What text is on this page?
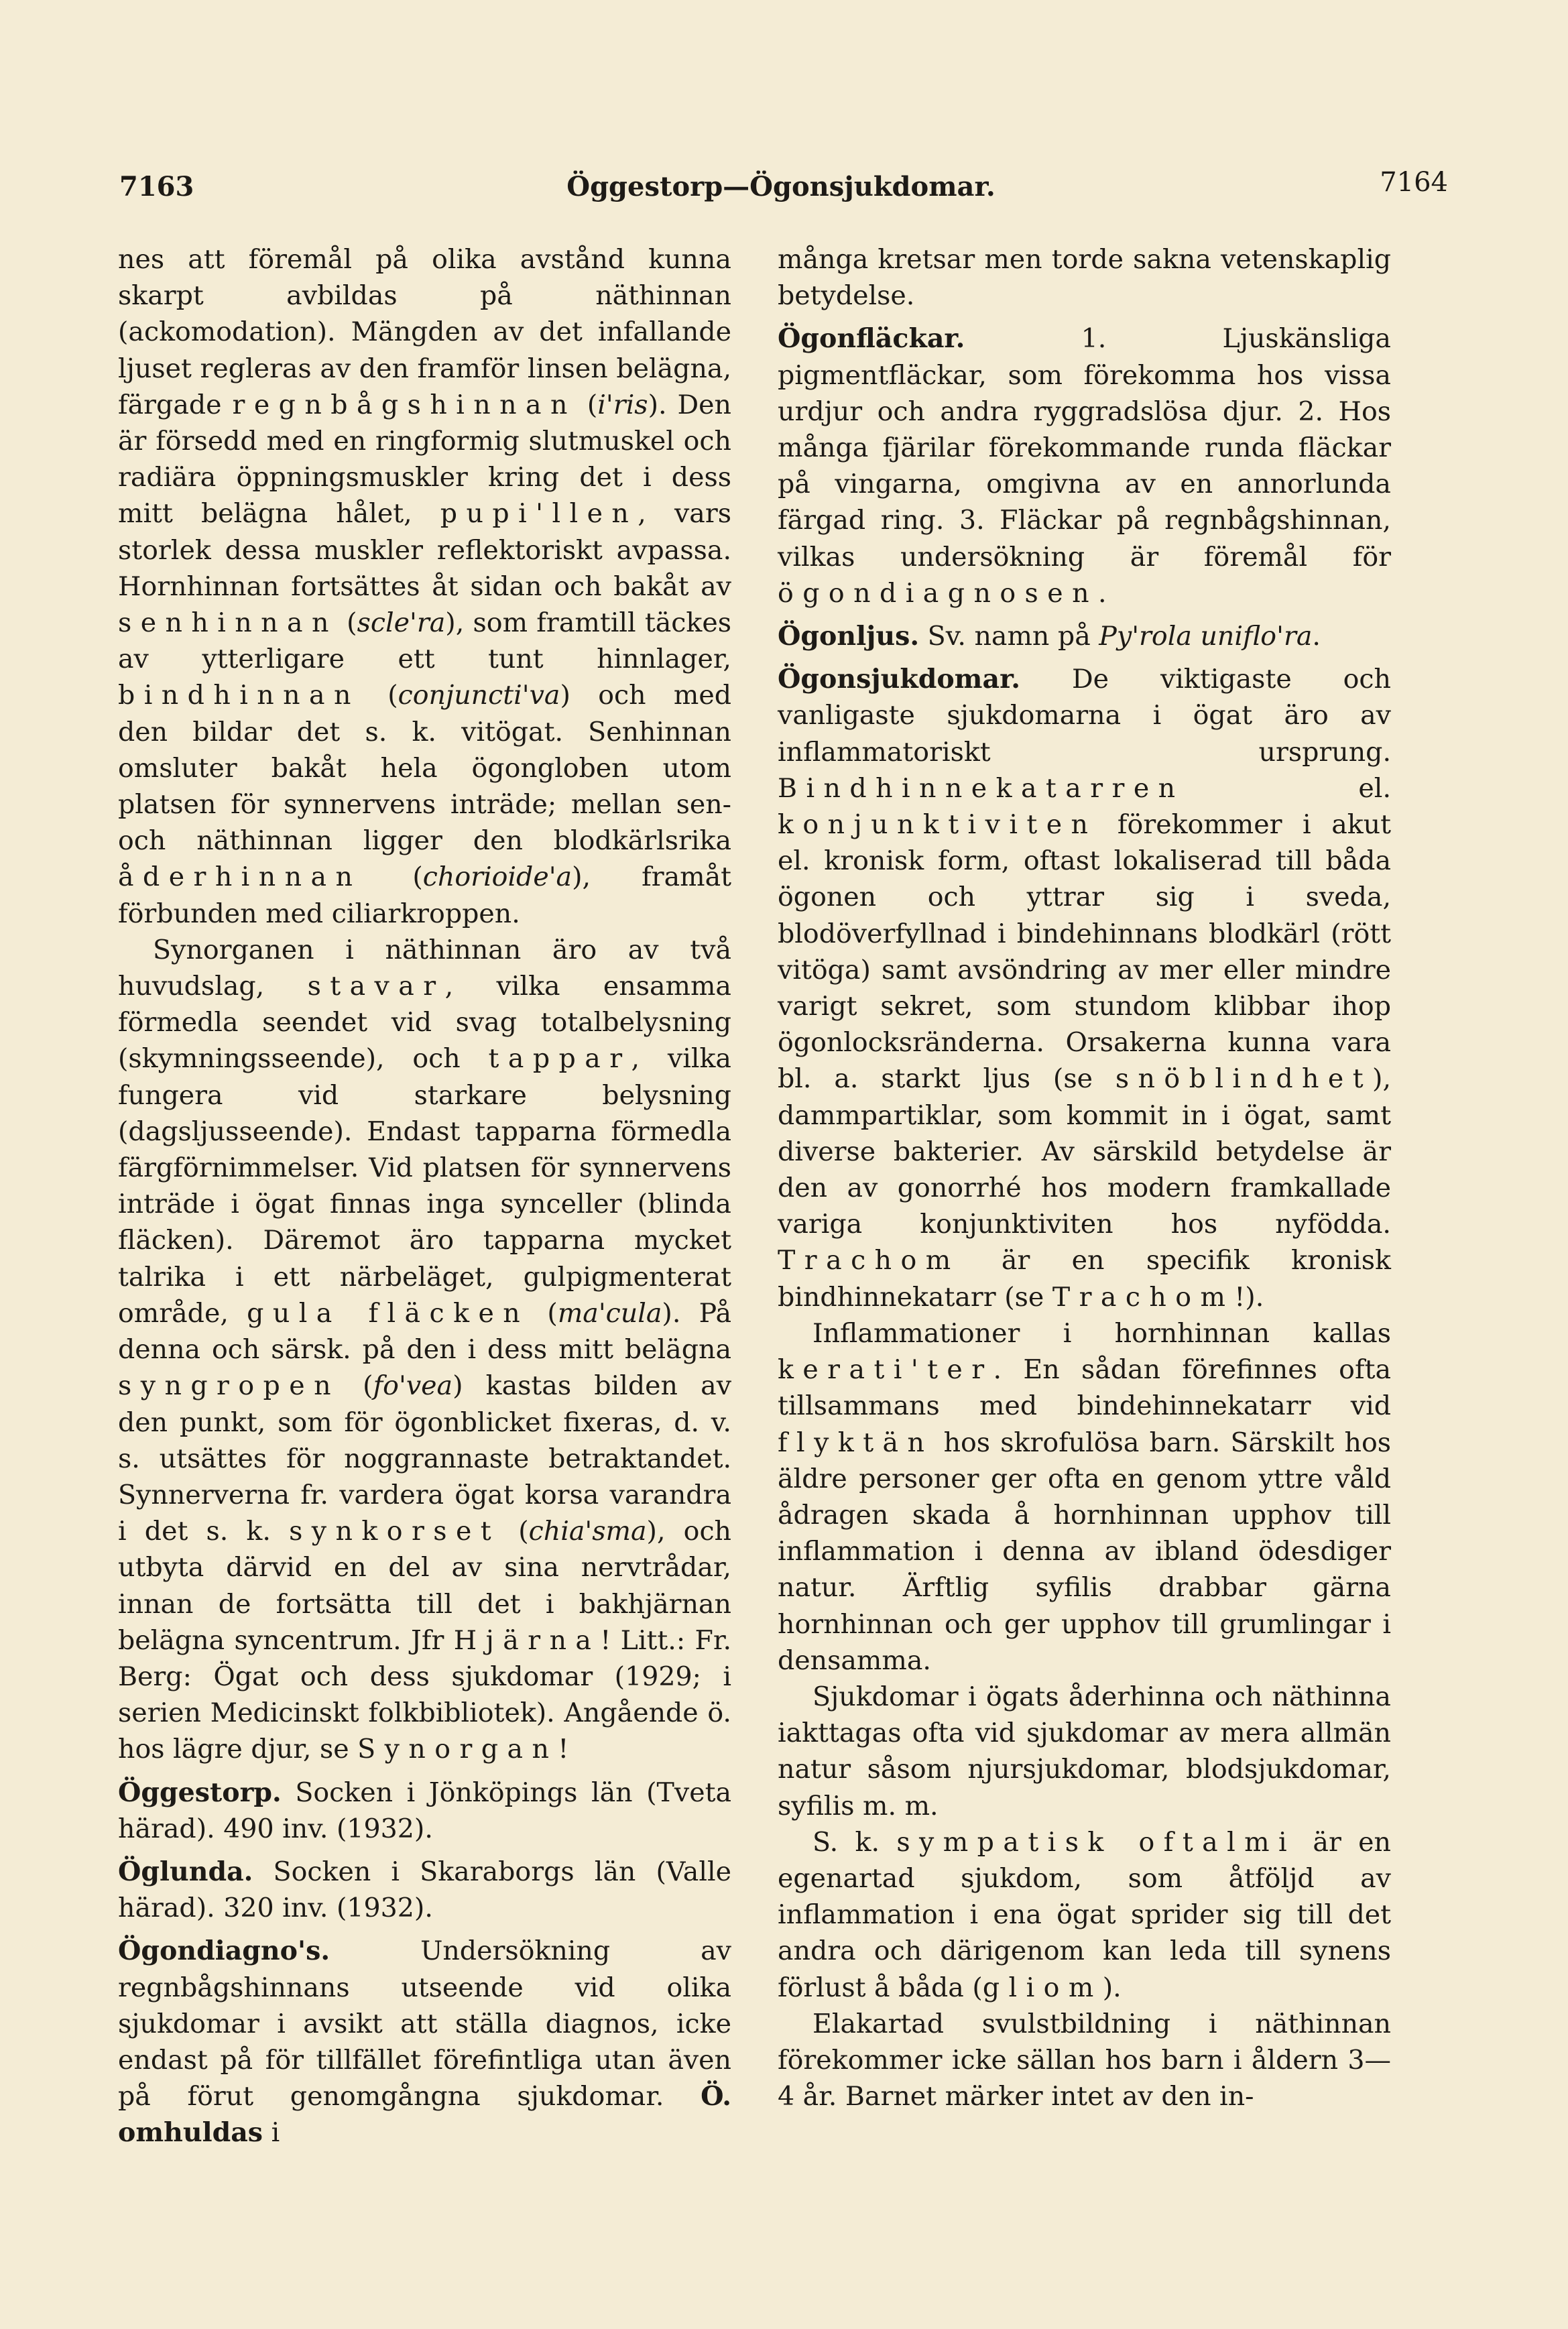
7163	Öggestorp—Ögonsjukdomar.	7164

nes att föremål på olika avstånd kunna skarpt avbildas på näthinnan (ackomodation). Mängden av det infallande ljuset regleras av den framför linsen belägna, färgade regnbågshinnan (i'ris). Den är försedd med en ringformig slutmuskel och radiära öppningsmuskler kring det i dess mitt belägna hålet, pupi'llen, vars storlek dessa muskler reflektoriskt avpassa. Hornhinnan fortsättes åt sidan och bakåt av senhinnan (scle'ra), som framtill täckes av ytterligare ett tunt hinnlager, bindhinnan (conjuncti'va) och med den bildar det s. k. vitögat. Senhinnan omsluter bakåt hela ögongloben utom platsen för synnervens inträde; mellan sen- och näthinnan ligger den blodkärlsrika åderhinnan (chorioide'a), framåt förbunden med ciliarkroppen.

Synorganen i näthinnan äro av två huvudslag, stavar, vilka ensamma förmedla seendet vid svag totalbelysning (skymningsseende), och tappar, vilka fungera vid starkare belysning (dagsljusseende). Endast tapparna förmedla färgförnimmelser. Vid platsen för synnervens inträde i ögat finnas inga synceller (blinda fläcken). Däremot äro tapparna mycket talrika i ett närbeläget, gulpigmenterat område, gula fläcken (ma'cula). På denna och särsk. på den i dess mitt belägna syngropen (fo'vea) kastas bilden av den punkt, som för ögonblicket fixeras, d. v. s. utsättes för noggrannaste betraktandet. Synnerverna fr. vardera ögat korsa varandra i det s. k. synkorset (chia'sma), och utbyta därvid en del av sina nervtrådar, innan de fortsätta till det i bakhjärnan belägna syncentrum. Jfr Hjärna! Litt.: Fr. Berg: Ögat och dess sjukdomar (1929; i serien Medicinskt folkbibliotek). Angående ö. hos lägre djur, se Synorgan!

Öggestorp. Socken i Jönköpings län (Tveta härad). 490 inv. (1932).

Öglunda. Socken i Skaraborgs län (Valle härad). 320 inv. (1932).

Ögondiagno's. Undersökning av regnbågshinnans utseende vid olika sjukdomar i avsikt att ställa diagnos, icke endast på för tillfället förefintliga utan även på förut genomgångna sjukdomar. Ö. omhuldas i

många kretsar men torde sakna vetenskaplig betydelse.

Ögonfläckar. 1. Ljuskänsliga pigmentfläckar, som förekomma hos vissa urdjur och andra ryggradslösa djur. 2. Hos många fjärilar förekommande runda fläckar på vingarna, omgivna av en annorlunda färgad ring. 3. Fläckar på regnbågshinnan, vilkas undersökning är föremål för ögondiagnosen.

Ögonljus. Sv. namn på Py'rola uniflo'ra.

Ögonsjukdomar. De viktigaste och vanligaste sjukdomarna i ögat äro av inflammatoriskt ursprung. Bindhinnekatarren el. konjunktiviten förekommer i akut el. kronisk form, oftast lokaliserad till båda ögonen och yttrar sig i sveda, blodöverfyllnad i bindehinnans blodkärl (rött vitöga) samt avsöndring av mer eller mindre varigt sekret, som stundom klibbar ihop ögonlocksränderna. Orsakerna kunna vara bl. a. starkt ljus (se snöblindhet), dammpartiklar, som kommit in i ögat, samt diverse bakterier. Av särskild betydelse är den av gonorrhé hos modern framkallade variga konjunktiviten hos nyfödda. Trachom är en specifik kronisk bindhinnekatarr (se Trachom!).

Inflammationer i hornhinnan kallas kerati'ter. En sådan förefinnes ofta tillsammans med bindehinnekatarr vid flyktän hos skrofulösa barn. Särskilt hos äldre personer ger ofta en genom yttre våld ådragen skada å hornhinnan upphov till inflammation i denna av ibland ödesdiger natur. Ärftlig syfilis drabbar gärna hornhinnan och ger upphov till grumlingar i densamma.

Sjukdomar i ögats åderhinna och näthinna iakttagas ofta vid sjukdomar av mera allmän natur såsom njursjukdomar, blodsjukdomar, syfilis m. m.

S. k. sympatisk oftalmi är en egenartad sjukdom, som åtföljd av inflammation i ena ögat sprider sig till det andra och därigenom kan leda till synens förlust å båda (gliom).

Elakartad svulstbildning i näthinnan förekommer icke sällan hos barn i åldern 3—4 år. Barnet märker intet av den in-
